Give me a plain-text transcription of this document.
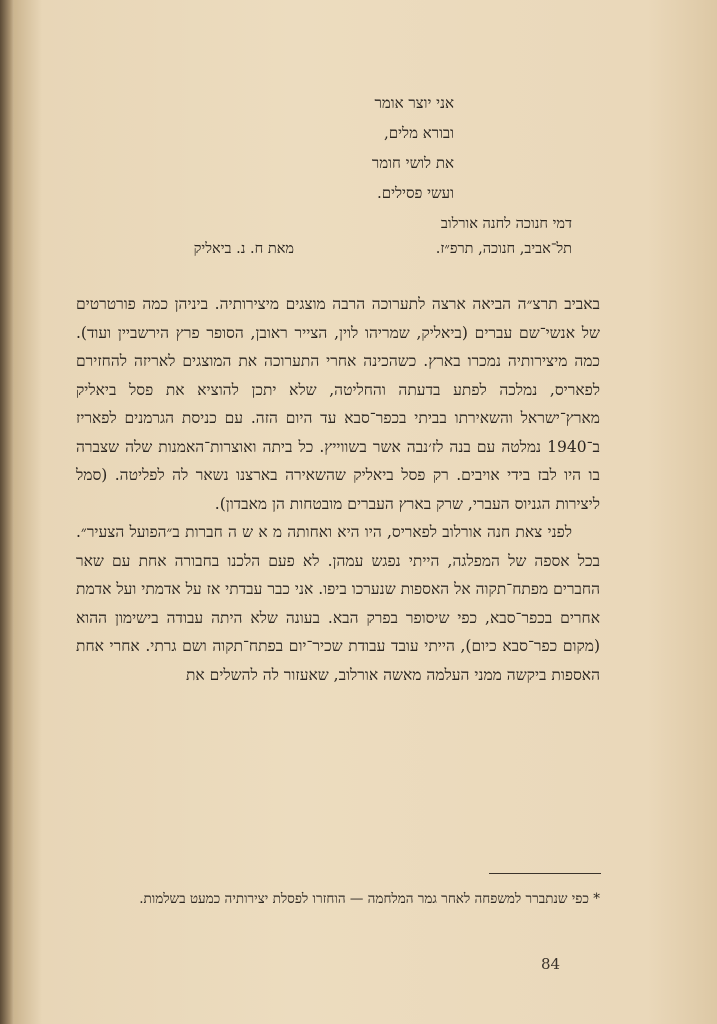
אני יוצר אומר
ובורא מלים,
את לושי חומר
ועשי פסילים.
דמי חנוכה לחנה אורלוב
תל־אביב, חנוכה, תרפ״ז.
מאת ח. נ. ביאליק

באביב תרצ״ה הביאה ארצה לתערוכה הרבה מוצגים מיצירותיה. ביניהן כמה פורטרטים של אנשי־שם עברים (ביאליק, שמריהו לוין, הצייר ראובן, הסופר פרץ הירשביין ועוד). כמה מיצירותיה נמכרו בארץ. כשהכינה אחרי התערוכה את המוצגים לאריזה להחזירם לפאריס, נמלכה לפתע בדעתה והחליטה, שלא יתכן להוציא את פסל ביאליק מארץ־ישראל והשאירתו בביתי בכפר־סבא עד היום הזה. עם כניסת הגרמנים לפאריז ב־1940 נמלטה עם בנה לז׳נבה אשר בשווייץ. כל ביתה ואוצרות־האמנות שלה שצברה בו היו לבז בידי אויבים. רק פסל ביאליק שהשאירה בארצנו נשאר לה לפליטה. (סמל ליצירות הגניוס העברי, שרק בארץ העברים מובטחות הן מאבדון).

לפני צאת חנה אורלוב לפאריס, היו היא ואחותה מ א ש ה חברות ב״הפועל הצעיר״. בכל אספה של המפלגה, הייתי נפגש עמהן. לא פעם הלכנו בחבורה אחת עם שאר החברים מפתח־תקוה אל האספות שנערכו ביפו. אני כבר עבדתי אז על אדמתי ועל אדמת אחרים בכפר־סבא, כפי שיסופר בפרק הבא. בעונה שלא היתה עבודה בישימון ההוא (מקום כפר־סבא כיום), הייתי עובד עבודת שכיר־יום בפתח־תקוה ושם גרתי. אחרי אחת האספות ביקשה ממני העלמה מאשה אורלוב, שאעזור לה להשלים את

* כפי שנתברר למשפחה לאחר גמר המלחמה — הוחזרו לפסלת יצירותיה כמעט בשלמות.
84
